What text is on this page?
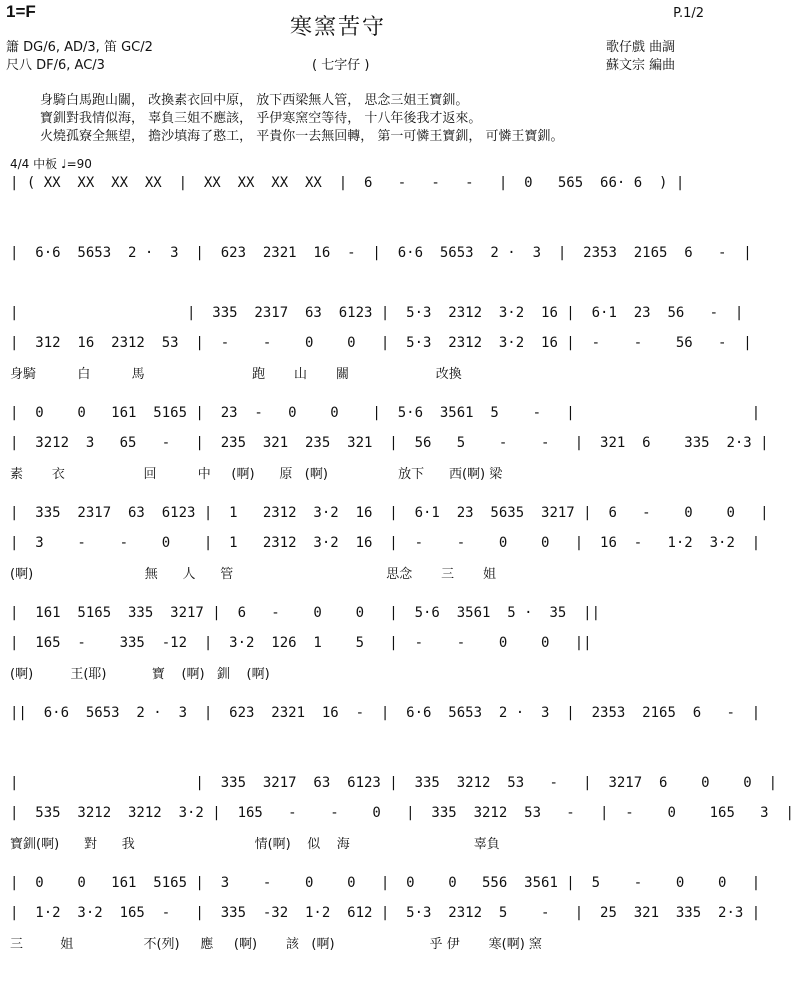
1=F
寒窯苦守
P.1/2
簫 DG/6, AD/3, 笛 GC/2
尺八 DF/6, AC/3	( 七字仔 )
歌仔戲 曲調
蘇文宗 編曲
身騎白馬跑山關， 改換素衣回中原， 放下西梁無人管， 思念三姐王寶釧。
寶釧對我情似海， 辜負三姐不應該， 乎伊寒窯空等待， 十八年後我才返來。
火燒孤寮全無望， 擔沙填海了憨工， 平貴你一去無回轉， 第一可憐王寶釧， 可憐王寶釧。
4/4 中板 ♩=90
| ( XX  XX  XX  XX  |  XX  XX  XX  XX  |  6   -   -   -   |  0   565  66· 6  ) |
|  6·6  5653  2 ·  3  |  623  2321  16  -  |  6·6  5653  2 ·  3  |  2353  2165  6   -  |
|                    |  335  2317  63  6123 |  5·3  2312  3·2  16 |  6·1  23  56   -  |
|  312  16  2312  53  |  -    -    0    0   |  5·3  2312  3·2  16 |  -    -    56   -  |
身騎          白          馬                          跑       山       關                     改換
|  0    0   161  5165 |  23  -   0    0    |  5·6  3561  5    -   |                     |
|  3212  3   65   -   |  235  321  235  321  |  56   5    -    -   |  321  6    335  2·3 |
素       衣                   回          中     (啊)      原   (啊)                 放下      西(啊) 梁
|  335  2317  63  6123 |  1   2312  3·2  16  |  6·1  23  5635  3217 |  6   -    0    0   |
|  3    -    -    0    |  1   2312  3·2  16  |  -    -    0    0   |  16  -   1·2  3·2  |
(啊)                           無      人      管                                     思念       三       姐
|  161  5165  335  3217 |  6   -    0    0   |  5·6  3561  5 ·  35  ||
|  165  -    335  -12  |  3·2  126  1    5   |  -    -    0    0   ||
(啊)         王(耶)           寶    (啊)   釧    (啊)
||  6·6  5653  2 ·  3  |  623  2321  16  -  |  6·6  5653  2 ·  3  |  2353  2165  6   -  |
|                     |  335  3217  63  6123 |  335  3212  53   -   |  3217  6    0    0  |
|  535  3212  3212  3·2 |  165   -    -    0   |  335  3212  53   -   |  -    0    165   3  |
寶釧(啊)      對      我                             情(啊)    似    海                              辜負
|  0    0   161  5165 |  3    -    0    0   |  0    0   556  3561 |  5    -    0    0   |
|  1·2  3·2  165  -   |  335  -32  1·2  612 |  5·3  2312  5    -   |  25  321  335  2·3 |
三         姐                 不(列)     應     (啊)       該   (啊)                       乎 伊       寒(啊) 窯
